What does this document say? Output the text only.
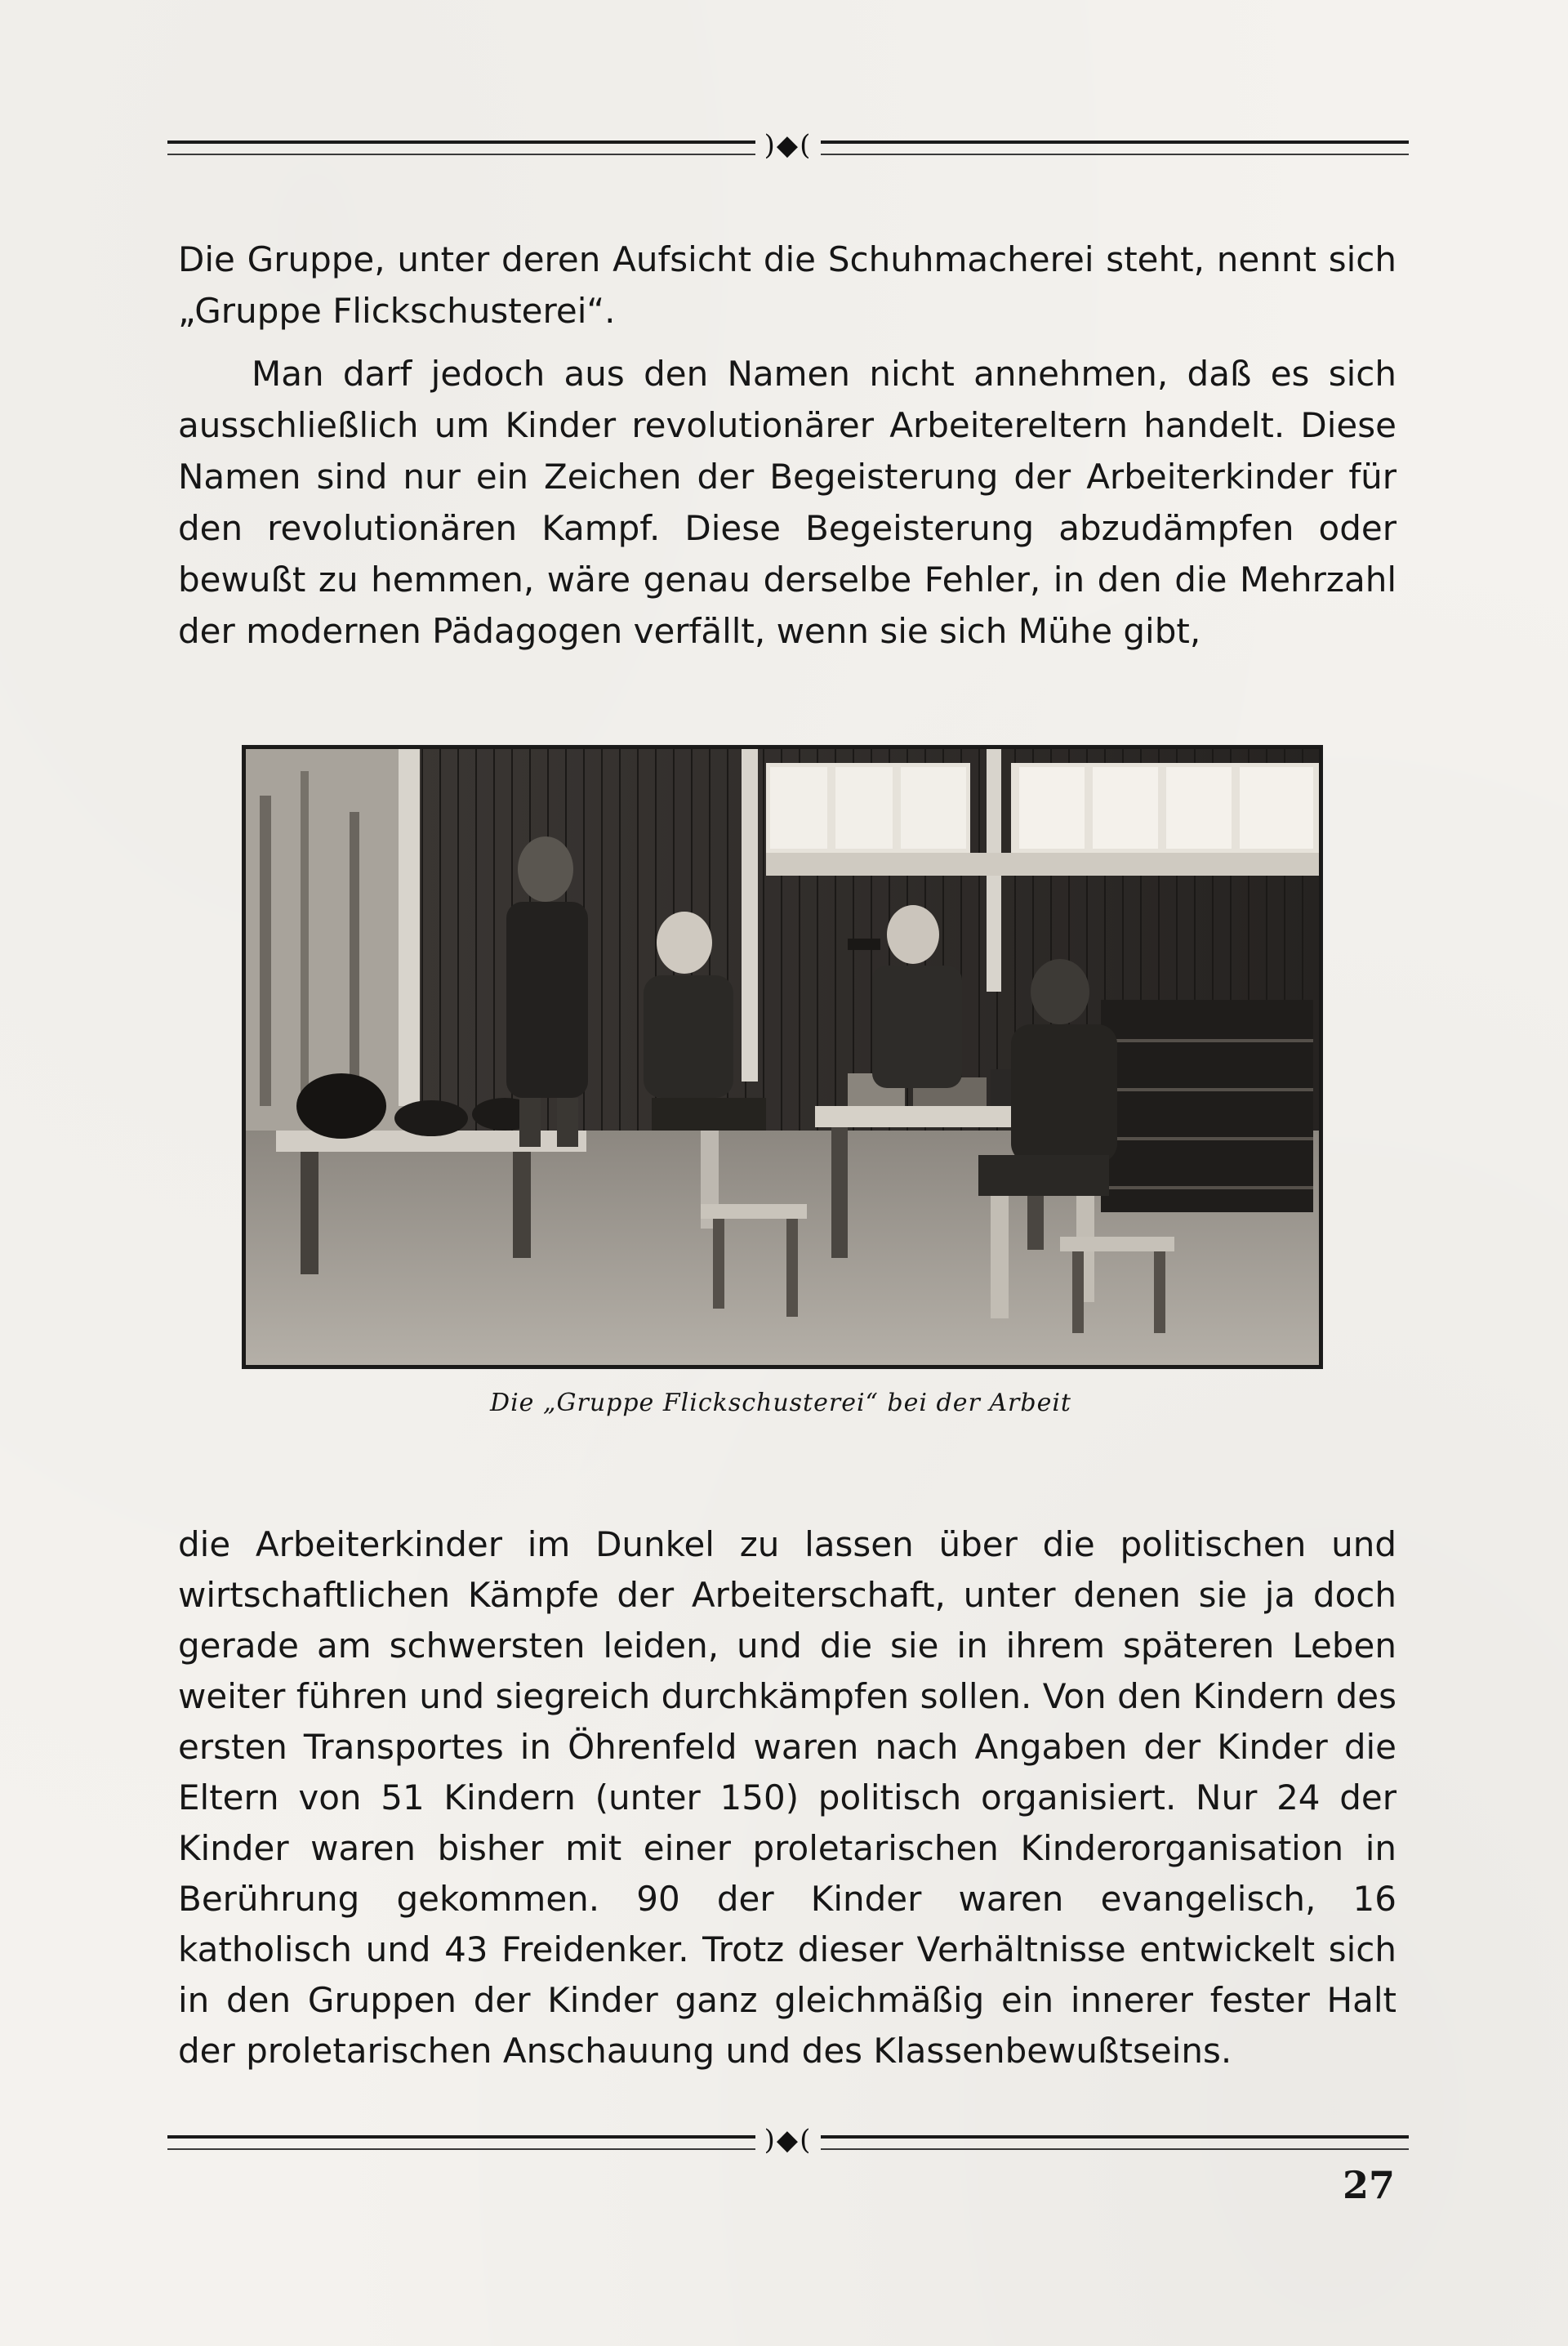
)◆(

Die Gruppe, unter deren Aufsicht die Schuhmacherei steht, nennt sich „Gruppe Flickschusterei“.

Man darf jedoch aus den Namen nicht annehmen, daß es sich ausschließlich um Kinder revolutionärer Arbeitereltern handelt. Diese Namen sind nur ein Zeichen der Begeisterung der Arbeiterkinder für den revolutionären Kampf. Diese Begeisterung abzudämpfen oder bewußt zu hemmen, wäre genau derselbe Fehler, in den die Mehrzahl der modernen Pädagogen verfällt, wenn sie sich Mühe gibt,

Die „Gruppe Flickschusterei“ bei der Arbeit

die Arbeiterkinder im Dunkel zu lassen über die politischen und wirtschaftlichen Kämpfe der Arbeiterschaft, unter denen sie ja doch gerade am schwersten leiden, und die sie in ihrem späteren Leben weiter führen und siegreich durchkämpfen sollen. Von den Kindern des ersten Transportes in Öhrenfeld waren nach Angaben der Kinder die Eltern von 51 Kindern (unter 150) politisch organisiert. Nur 24 der Kinder waren bisher mit einer proletarischen Kinderorganisation in Berührung gekommen. 90 der Kinder waren evangelisch, 16 katholisch und 43 Freidenker. Trotz dieser Verhältnisse entwickelt sich in den Gruppen der Kinder ganz gleichmäßig ein innerer fester Halt der proletarischen Anschauung und des Klassenbewußtseins.

)◆(
27
